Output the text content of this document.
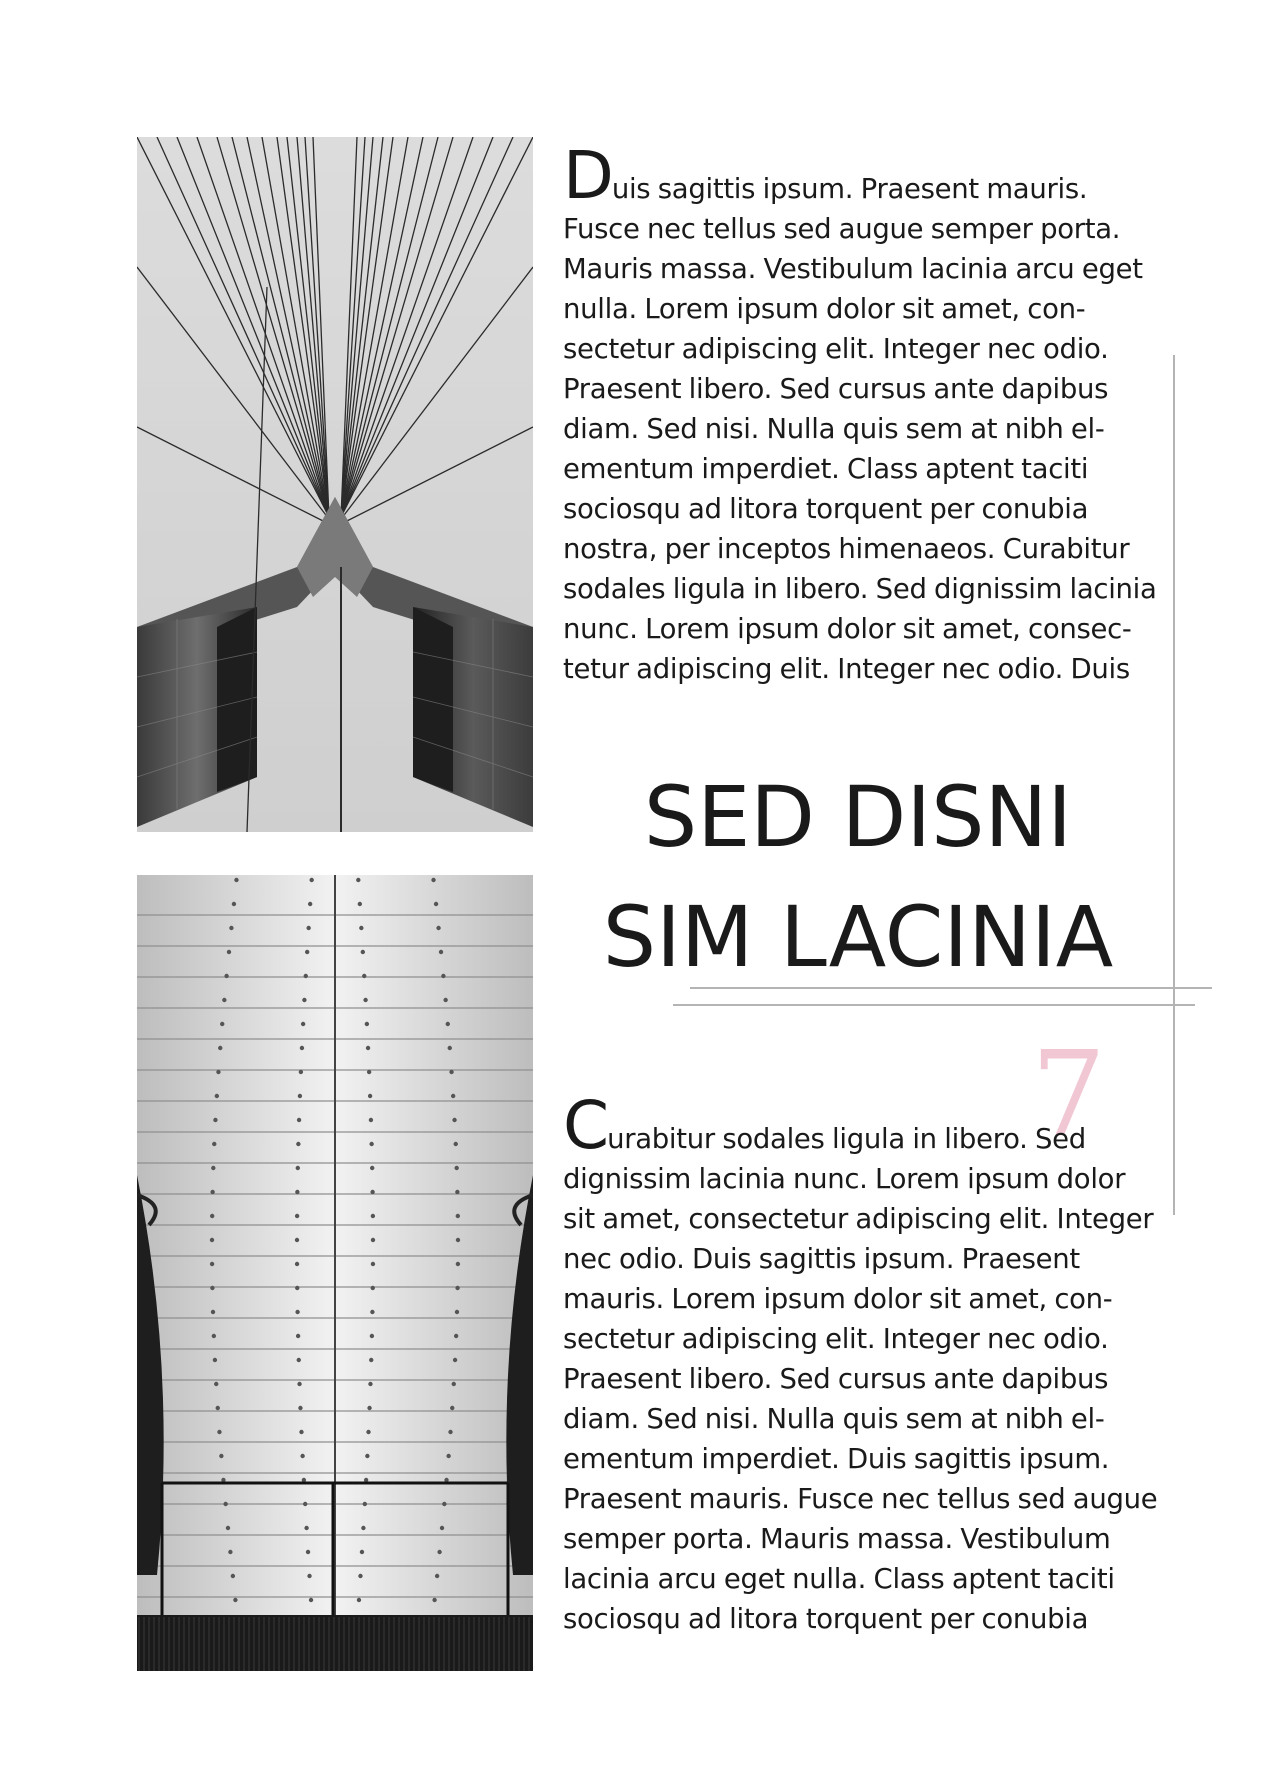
Duis sagittis ipsum. Praesent mauris.
Fusce nec tellus sed augue semper porta.
Mauris massa. Vestibulum lacinia arcu eget
nulla. Lorem ipsum dolor sit amet, con-
sectetur adipiscing elit. Integer nec odio.
Praesent libero. Sed cursus ante dapibus
diam. Sed nisi. Nulla quis sem at nibh el-
ementum imperdiet. Class aptent taciti
sociosqu ad litora torquent per conubia
nostra, per inceptos himenaeos. Curabitur
sodales ligula in libero. Sed dignissim lacinia
nunc. Lorem ipsum dolor sit amet, consec-
tetur adipiscing elit. Integer nec odio. Duis

SED DISNI
SIM LACINIA
7

Curabitur sodales ligula in libero. Sed
dignissim lacinia nunc. Lorem ipsum dolor
sit amet, consectetur adipiscing elit. Integer
nec odio. Duis sagittis ipsum. Praesent
mauris. Lorem ipsum dolor sit amet, con-
sectetur adipiscing elit. Integer nec odio.
Praesent libero. Sed cursus ante dapibus
diam. Sed nisi. Nulla quis sem at nibh el-
ementum imperdiet. Duis sagittis ipsum.
Praesent mauris. Fusce nec tellus sed augue
semper porta. Mauris massa. Vestibulum
lacinia arcu eget nulla. Class aptent taciti
sociosqu ad litora torquent per conubia
